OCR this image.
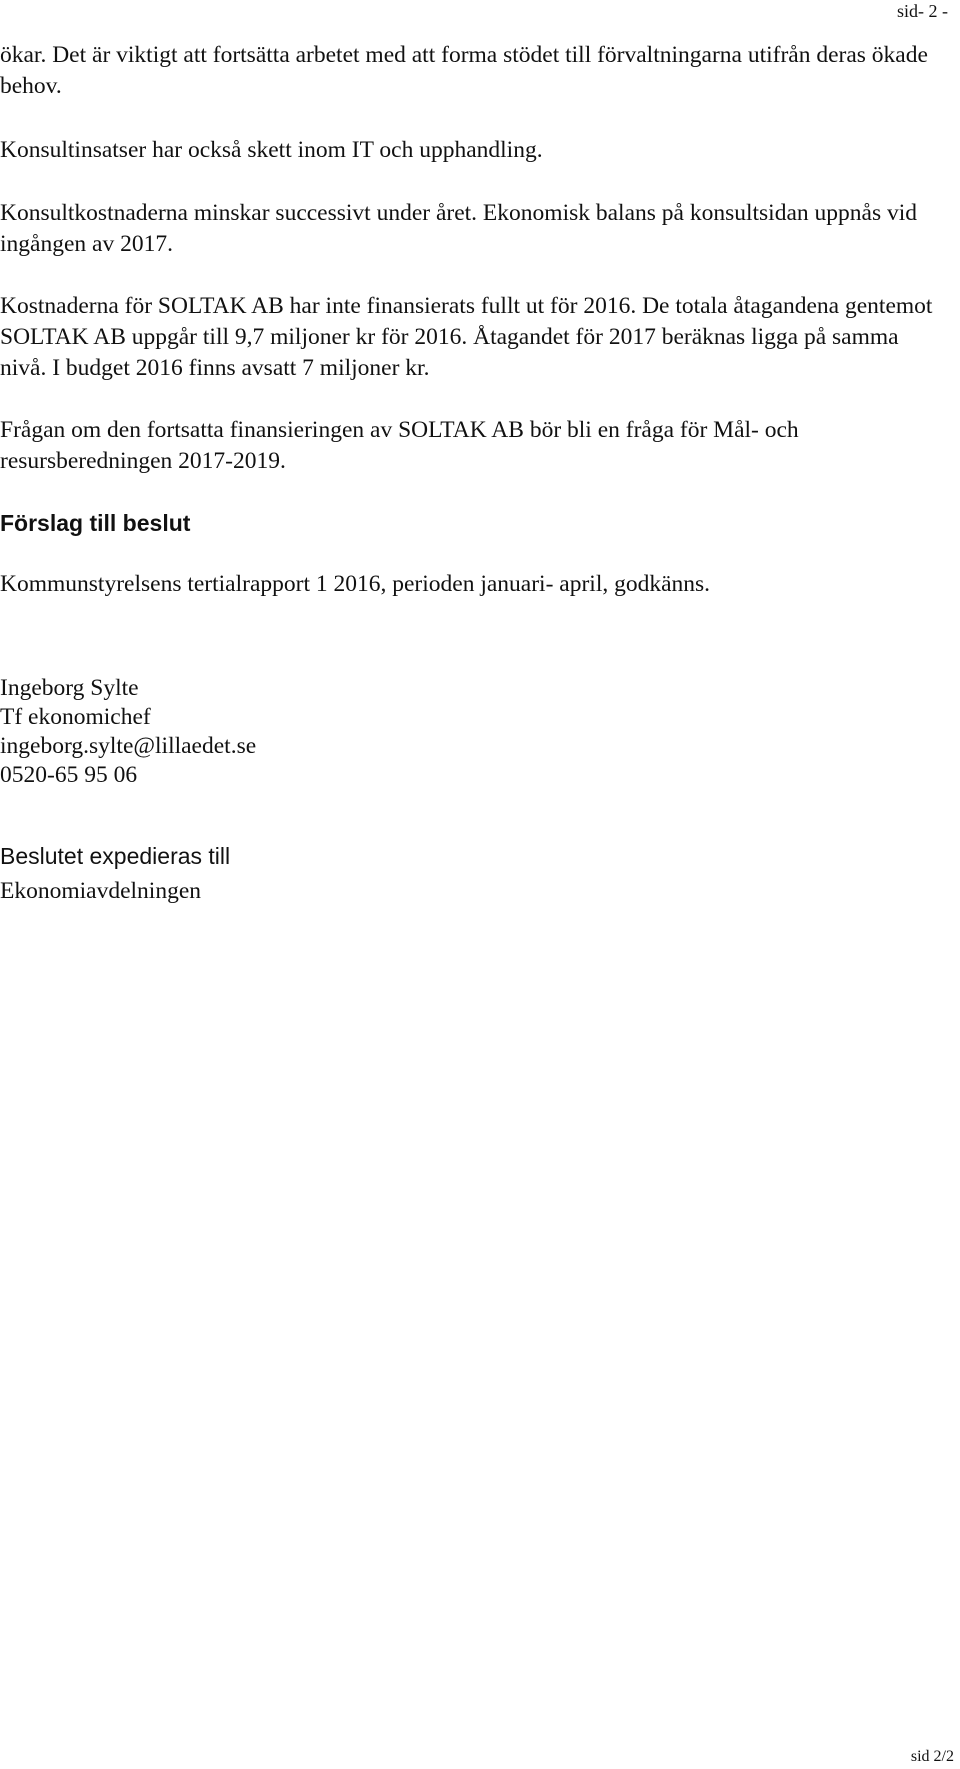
sid- 2 -

ökar. Det är viktigt att fortsätta arbetet med att forma stödet till förvaltningarna utifrån deras ökade behov.

Konsultinsatser har också skett inom IT och upphandling.

Konsultkostnaderna minskar successivt under året. Ekonomisk balans på konsultsidan uppnås vid ingången av 2017.

Kostnaderna för SOLTAK AB har inte finansierats fullt ut för 2016. De totala åtagandena gentemot SOLTAK AB uppgår till 9,7 miljoner kr för 2016. Åtagandet för 2017 beräknas ligga på samma nivå. I budget 2016 finns avsatt 7 miljoner kr.

Frågan om den fortsatta finansieringen av SOLTAK AB bör bli en fråga för Mål- och resursberedningen 2017-2019.

Förslag till beslut

Kommunstyrelsens tertialrapport 1 2016, perioden januari- april, godkänns.

Ingeborg Sylte

Tf ekonomichef

ingeborg.sylte@lillaedet.se

0520-65 95 06

Beslutet expedieras till

Ekonomiavdelningen

sid 2/2
